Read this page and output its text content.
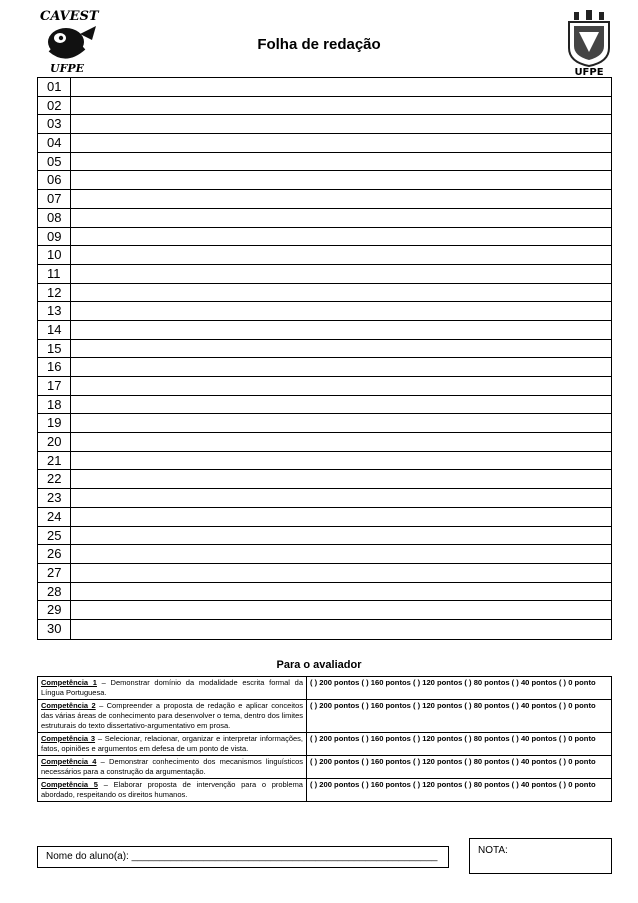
CAVEST
UFPE	UFPE
Folha de redação
01
02
03
04
05
06
07
08
09
10
11
12
13
14
15
16
17
18
19
20
21
22
23
24
25
26
27
28
29
30
Para o avaliador
Competência 1 – Demonstrar domínio da modalidade escrita formal da Língua Portuguesa.	( ) 200 pontos ( ) 160 pontos ( ) 120 pontos ( ) 80 pontos ( ) 40 pontos ( ) 0 ponto
Competência 2 – Compreender a proposta de redação e aplicar conceitos das várias áreas de conhecimento para desenvolver o tema, dentro dos limites estruturais do texto dissertativo-argumentativo em prosa.	( ) 200 pontos ( ) 160 pontos ( ) 120 pontos ( ) 80 pontos ( ) 40 pontos ( ) 0 ponto
Competência 3 – Selecionar, relacionar, organizar e interpretar informações, fatos, opiniões e argumentos em defesa de um ponto de vista.	( ) 200 pontos ( ) 160 pontos ( ) 120 pontos ( ) 80 pontos ( ) 40 pontos ( ) 0 ponto
Competência 4 – Demonstrar conhecimento dos mecanismos linguísticos necessários para a construção da argumentação.	( ) 200 pontos ( ) 160 pontos ( ) 120 pontos ( ) 80 pontos ( ) 40 pontos ( ) 0 ponto
Competência 5 – Elaborar proposta de intervenção para o problema abordado, respeitando os direitos humanos.	( ) 200 pontos ( ) 160 pontos ( ) 120 pontos ( ) 80 pontos ( ) 40 pontos ( ) 0 ponto
Nome do aluno(a): _______________________________________________________
NOTA:
